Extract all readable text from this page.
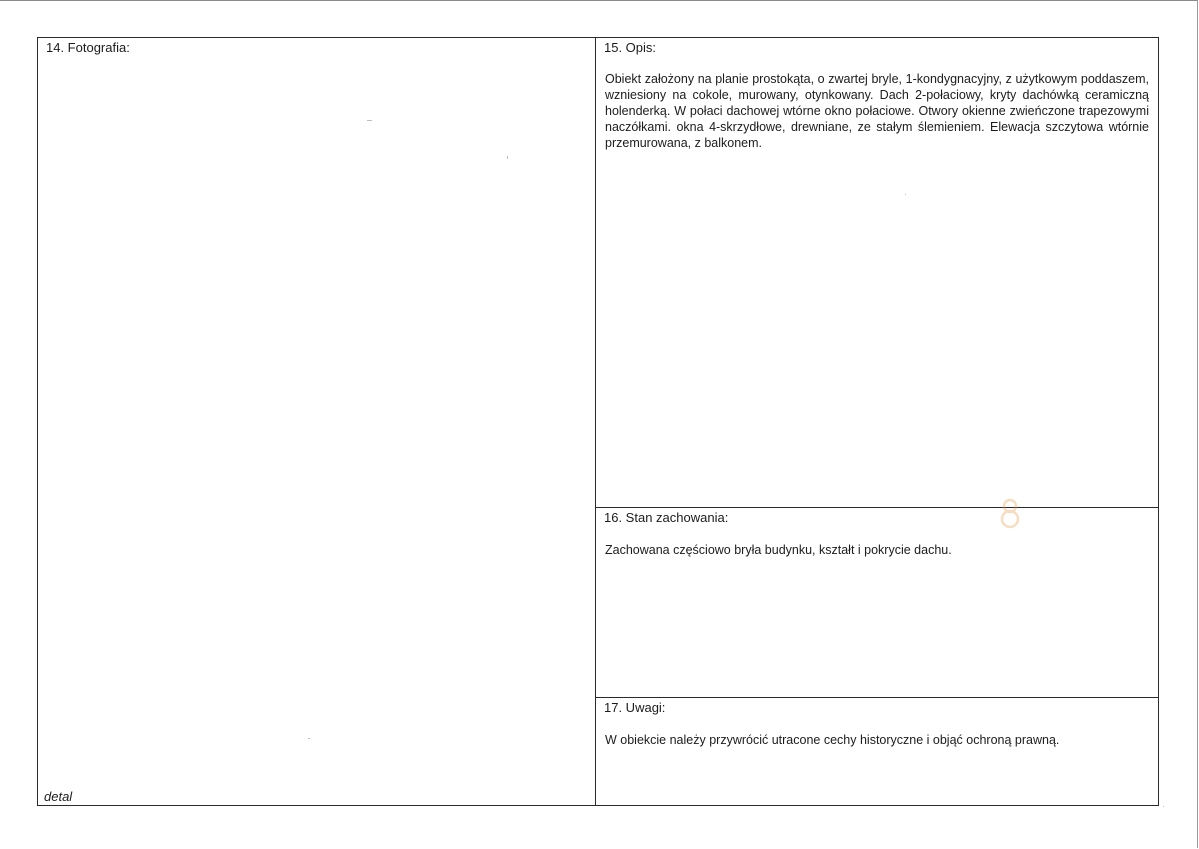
14. Fotografia:

detal

15. Opis:

Obiekt założony na planie prostokąta, o zwartej bryle, 1-kondygnacyjny, z użytkowym poddaszem, wzniesiony na cokole, murowany, otynkowany. Dach 2-połaciowy, kryty dachówką ceramiczną holenderką. W połaci dachowej wtórne okno połaciowe. Otwory okienne zwieńczone trapezowymi naczółkami. okna 4-skrzydłowe, drewniane, ze stałym ślemieniem. Elewacja szczytowa wtórnie przemurowana, z balkonem.

16. Stan zachowania:

Zachowana częściowo bryła budynku, kształt i pokrycie dachu.

17. Uwagi:

W obiekcie należy przywrócić utracone cechy historyczne i objąć ochroną prawną.
